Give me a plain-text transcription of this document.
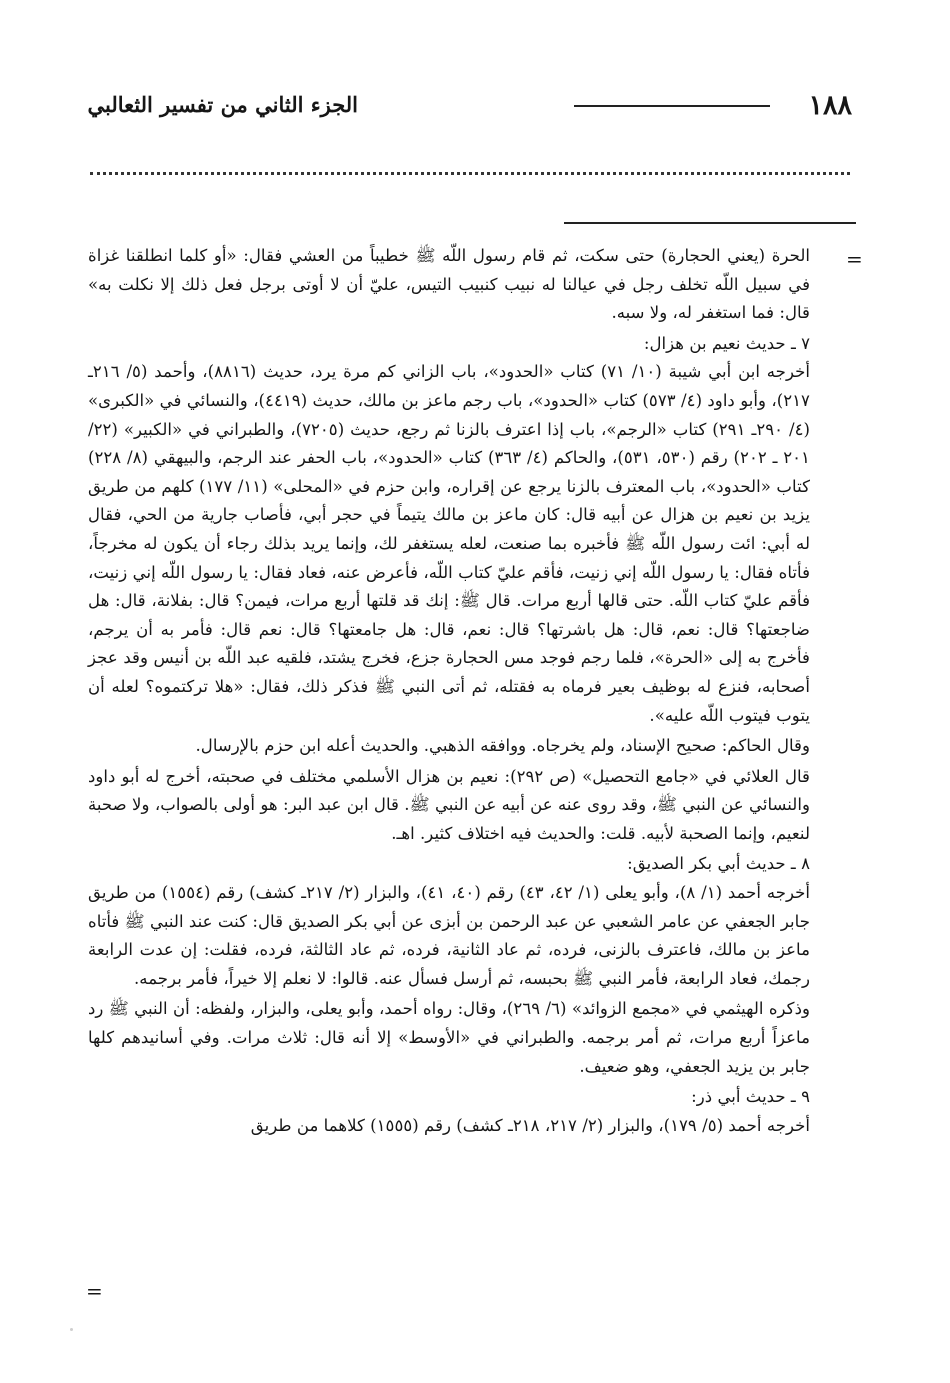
١٨٨
الجزء الثاني من تفسير الثعالبي
=

الحرة (يعني الحجارة) حتى سكت، ثم قام رسول اللّه ﷺ خطيباً من العشي فقال: «أو كلما انطلقنا غزاة في سبيل اللّه تخلف رجل في عيالنا له نبيب كنبيب التيس، عليّ أن لا أوتى برجل فعل ذلك إلا نكلت به» قال: فما استغفر له، ولا سبه.

٧ ـ حديث نعيم بن هزال:

أخرجه ابن أبي شيبة (١٠/ ٧١) كتاب «الحدود»، باب الزاني كم مرة يرد، حديث (٨٨١٦)، وأحمد (٥/ ٢١٦ـ ٢١٧)، وأبو داود (٤/ ٥٧٣) كتاب «الحدود»، باب رجم ماعز بن مالك، حديث (٤٤١٩)، والنسائي في «الكبرى» (٤/ ٢٩٠ـ ٢٩١) كتاب «الرجم»، باب إذا اعترف بالزنا ثم رجع، حديث (٧٢٠٥)، والطبراني في «الكبير» (٢٢/ ٢٠١ ـ ٢٠٢) رقم (٥٣٠، ٥٣١)، والحاكم (٤/ ٣٦٣) كتاب «الحدود»، باب الحفر عند الرجم، والبيهقي (٨/ ٢٢٨) كتاب «الحدود»، باب المعترف بالزنا يرجع عن إقراره، وابن حزم في «المحلى» (١١/ ١٧٧) كلهم من طريق يزيد بن نعيم بن هزال عن أبيه قال: كان ماعز بن مالك يتيماً في حجر أبي، فأصاب جارية من الحي، فقال له أبي: ائت رسول اللّه ﷺ فأخبره بما صنعت، لعله يستغفر لك، وإنما يريد بذلك رجاء أن يكون له مخرجاً، فأتاه فقال: يا رسول اللّه إني زنيت، فأقم عليّ كتاب اللّه، فأعرض عنه، فعاد فقال: يا رسول اللّه إني زنيت، فأقم عليّ كتاب اللّه. حتى قالها أربع مرات. قال ﷺ: إنك قد قلتها أربع مرات، فيمن؟ قال: بفلانة، قال: هل ضاجعتها؟ قال: نعم، قال: هل باشرتها؟ قال: نعم، قال: هل جامعتها؟ قال: نعم قال: فأمر به أن يرجم، فأخرج به إلى «الحرة»، فلما رجم فوجد مس الحجارة جزع، فخرج يشتد، فلقيه عبد اللّه بن أنيس وقد عجز أصحابه، فنزع له بوظيف بعير فرماه به فقتله، ثم أتى النبي ﷺ فذكر ذلك، فقال: «هلا تركتموه؟ لعله أن يتوب فيتوب اللّه عليه».

وقال الحاكم: صحيح الإسناد، ولم يخرجاه. ووافقه الذهبي. والحديث أعله ابن حزم بالإرسال.

قال العلائي في «جامع التحصيل» (ص ٢٩٢): نعيم بن هزال الأسلمي مختلف في صحبته، أخرج له أبو داود والنسائي عن النبي ﷺ، وقد روى عنه عن أبيه عن النبي ﷺ. قال ابن عبد البر: هو أولى بالصواب، ولا صحبة لنعيم، وإنما الصحبة لأبيه. قلت: والحديث فيه اختلاف كثير. اهـ.

٨ ـ حديث أبي بكر الصديق:

أخرجه أحمد (١/ ٨)، وأبو يعلى (١/ ٤٢، ٤٣) رقم (٤٠، ٤١)، والبزار (٢/ ٢١٧ـ كشف) رقم (١٥٥٤) من طريق جابر الجعفي عن عامر الشعبي عن عبد الرحمن بن أبزى عن أبي بكر الصديق قال: كنت عند النبي ﷺ فأتاه ماعز بن مالك، فاعترف بالزنى، فرده، ثم عاد الثانية، فرده، ثم عاد الثالثة، فرده، فقلت: إن عدت الرابعة رجمك، فعاد الرابعة، فأمر النبي ﷺ بحبسه، ثم أرسل فسأل عنه. قالوا: لا نعلم إلا خيراً، فأمر برجمه.

وذكره الهيثمي في «مجمع الزوائد» (٦/ ٢٦٩)، وقال: رواه أحمد، وأبو يعلى، والبزار، ولفظه: أن النبي ﷺ رد ماعزاً أربع مرات، ثم أمر برجمه. والطبراني في «الأوسط» إلا أنه قال: ثلاث مرات. وفي أسانيدهم كلها جابر بن يزيد الجعفي، وهو ضعيف.

٩ ـ حديث أبي ذر:

أخرجه أحمد (٥/ ١٧٩)، والبزار (٢/ ٢١٧، ٢١٨ـ كشف) رقم (١٥٥٥) كلاهما من طريق

=
